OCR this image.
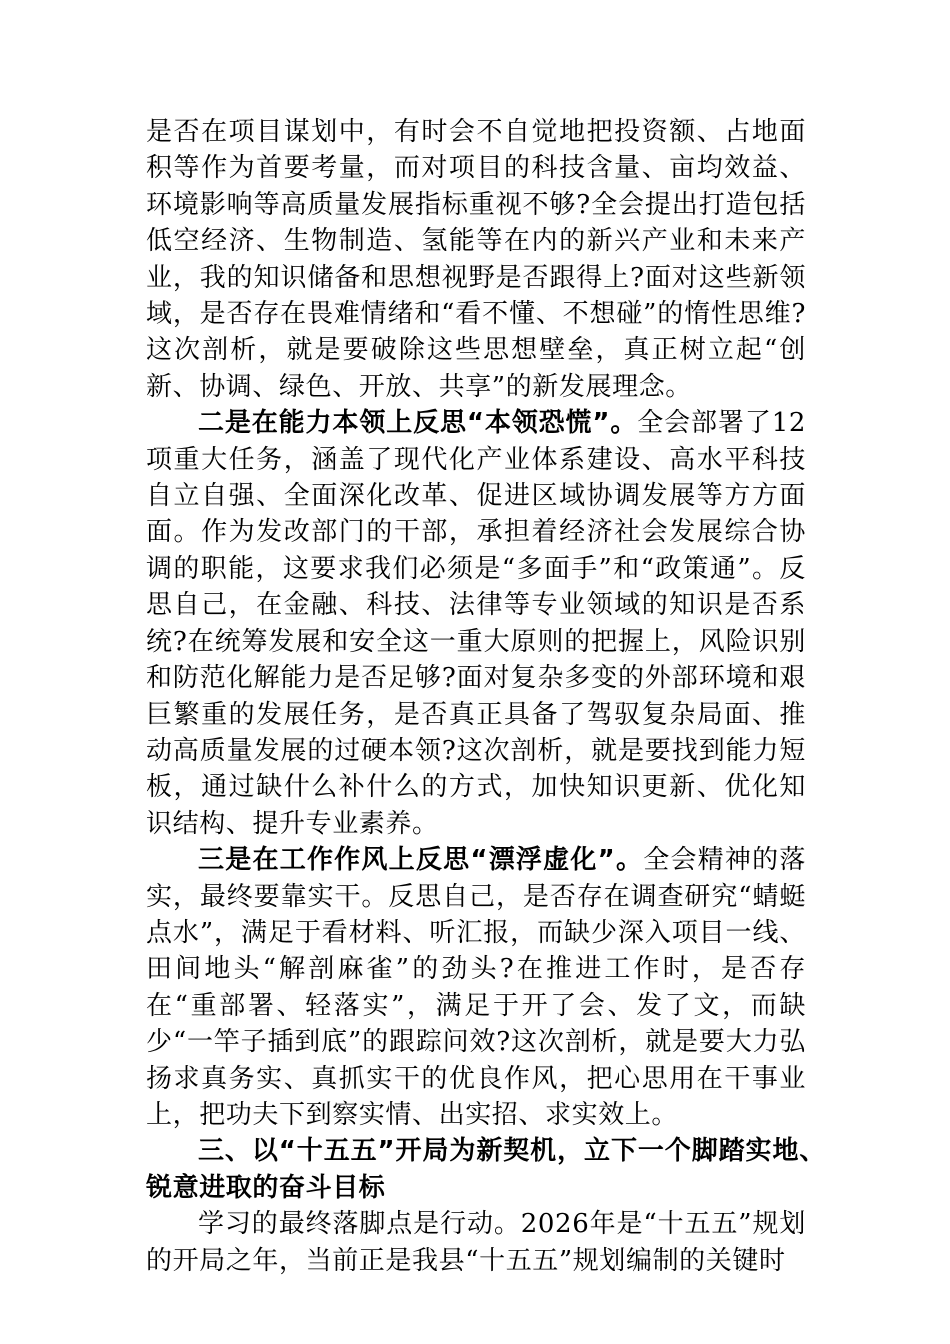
是否在项目谋划中，有时会不自觉地把投资额、占地面积等作为首要考量，而对项目的科技含量、亩均效益、环境影响等高质量发展指标重视不够?全会提出打造包括低空经济、生物制造、氢能等在内的新兴产业和未来产业，我的知识储备和思想视野是否跟得上?面对这些新领域，是否存在畏难情绪和“看不懂、不想碰”的惰性思维?这次剖析，就是要破除这些思想壁垒，真正树立起“创新、协调、绿色、开放、共享”的新发展理念。

二是在能力本领上反思“本领恐慌”。全会部署了12项重大任务，涵盖了现代化产业体系建设、高水平科技自立自强、全面深化改革、促进区域协调发展等方方面面。作为发改部门的干部，承担着经济社会发展综合协调的职能，这要求我们必须是“多面手”和“政策通”。反思自己，在金融、科技、法律等专业领域的知识是否系统?在统筹发展和安全这一重大原则的把握上，风险识别和防范化解能力是否足够?面对复杂多变的外部环境和艰巨繁重的发展任务，是否真正具备了驾驭复杂局面、推动高质量发展的过硬本领?这次剖析，就是要找到能力短板，通过缺什么补什么的方式，加快知识更新、优化知识结构、提升专业素养。

三是在工作作风上反思“漂浮虚化”。全会精神的落实，最终要靠实干。反思自己，是否存在调查研究“蜻蜓点水”，满足于看材料、听汇报，而缺少深入项目一线、田间地头“解剖麻雀”的劲头?在推进工作时，是否存在“重部署、轻落实”，满足于开了会、发了文，而缺少“一竿子插到底”的跟踪问效?这次剖析，就是要大力弘扬求真务实、真抓实干的优良作风，把心思用在干事业上，把功夫下到察实情、出实招、求实效上。

三、以“十五五”开局为新契机，立下一个脚踏实地、锐意进取的奋斗目标

学习的最终落脚点是行动。2026年是“十五五”规划的开局之年，当前正是我县“十五五”规划编制的关键时
